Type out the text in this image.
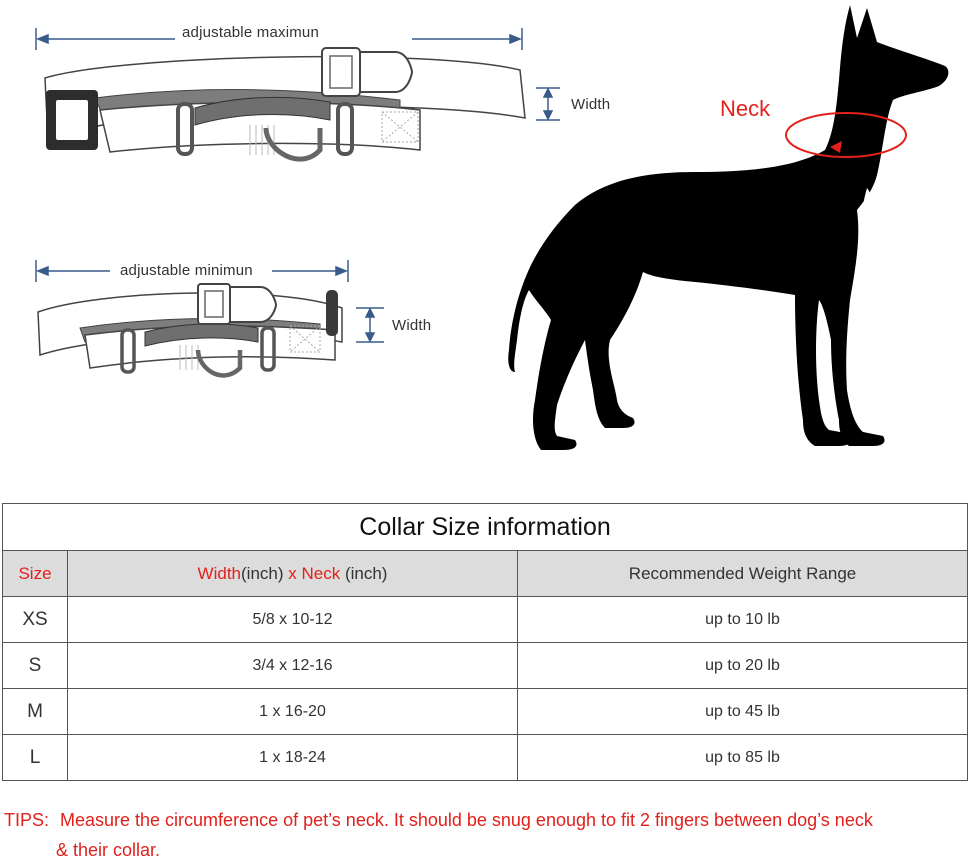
adjustable maximun
Width
adjustable minimun
Width
Neck
Collar Size information		
Size	Width(inch) x Neck (inch)	Recommended Weight Range
XS	5/8 x 10-12	up to 10 lb
S	3/4 x 12-16	up to 20 lb
M	1 x 16-20	up to 45 lb
L	1 x 18-24	up to 85 lb
TIPS: Measure the circumference of pet’s neck. It should be snug enough to fit 2 fingers between dog’s neck
& their collar.
